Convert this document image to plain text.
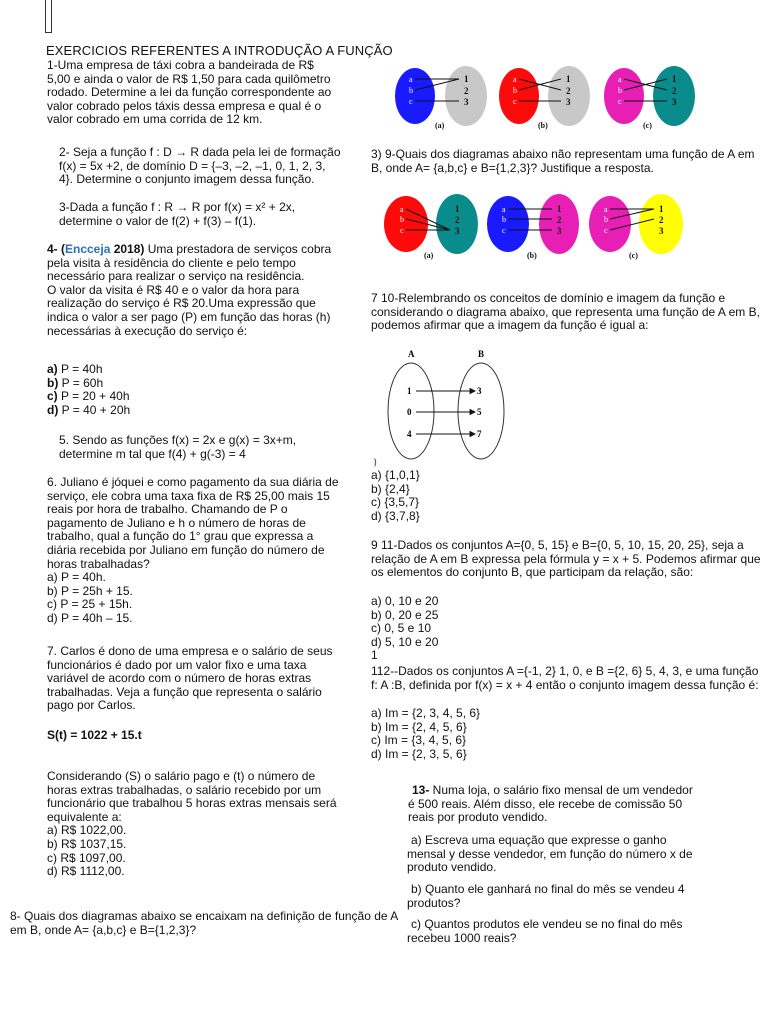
EXERCICIOS REFERENTES A INTRODUÇÃO A FUNÇÃO
1-Uma empresa de táxi cobra a bandeirada de R$
5,00 e ainda o valor de R$ 1,50 para cada quilômetro
rodado. Determine a lei da função correspondente ao
valor cobrado pelos táxis dessa empresa e qual é o
valor cobrado em uma corrida de 12 km.
2- Seja a função f : D → R dada pela lei de formação
f(x) = 5x +2, de domínio D = {–3, –2, –1, 0, 1, 2, 3,
4}. Determine o conjunto imagem dessa função.
3-Dada a função f : R → R por f(x) = x² + 2x,
determine o valor de f(2) + f(3) – f(1).
4- (Encceja 2018) Uma prestadora de serviços cobra
pela visita à residência do cliente e pelo tempo
necessário para realizar o serviço na residência.
O valor da visita é R$ 40 e o valor da hora para
realização do serviço é R$ 20.Uma expressão que
indica o valor a ser pago (P) em função das horas (h)
necessárias à execução do serviço é:
a) P = 40h
b) P = 60h
c) P = 20 + 40h
d) P = 40 + 20h
5. Sendo as funções f(x) = 2x e g(x) = 3x+m,
determine m tal que f(4) + g(-3) = 4
6. Juliano é jóquei e como pagamento da sua diária de
serviço, ele cobra uma taxa fixa de R$ 25,00 mais 15
reais por hora de trabalho. Chamando de P o
pagamento de Juliano e h o número de horas de
trabalho, qual a função do 1° grau que expressa a
diária recebida por Juliano em função do número de
horas trabalhadas?
a) P = 40h.
b) P = 25h + 15.
c) P = 25 + 15h.
d) P = 40h – 15.
7. Carlos é dono de uma empresa e o salário de seus
funcionários é dado por um valor fixo e uma taxa
variável de acordo com o número de horas extras
trabalhadas. Veja a função que representa o salário
pago por Carlos.
S(t) = 1022 + 15.t
Considerando (S) o salário pago e (t) o número de
horas extras trabalhadas, o salário recebido por um
funcionário que trabalhou 5 horas extras mensais será
equivalente a:
a) R$ 1022,00.
b) R$ 1037,15.
c) R$ 1097,00.
d) R$ 1112,00.
8- Quais dos diagramas abaixo se encaixam na definição de função de A
em B, onde A= {a,b,c} e B={1,2,3}?
a
b
c
a
b
c
a
b
c
1
2
3
1
2
3
1
2
3
(a)	(b)	(c)
3) 9-Quais dos diagramas abaixo não representam uma função de A em
B, onde A= {a,b,c} e B={1,2,3}? Justifique a resposta.
a
b
c
a
b
c
a
b
c
1
2
3
1
2
3
1
2
3
(a)	(b)	(c)
7 10-Relembrando os conceitos de domínio e imagem da função e
considerando o diagrama abaixo, que representa uma função de A em B,
podemos afirmar que a imagem da função é igual a:
A	B
1
0
4
3
5
7
}
a) {1,0,1}
b) {2,4}
c) {3,5,7}
d) {3,7,8}
9 11-Dados os conjuntos A={0, 5, 15} e B={0, 5, 10, 15, 20, 25}, seja a
relação de A em B expressa pela fórmula y = x + 5. Podemos afirmar que
os elementos do conjunto B, que participam da relação, são:
a) 0, 10 e 20
b) 0, 20 e 25
c) 0, 5 e 10
d) 5, 10 e 20
1
112--Dados os conjuntos A ={-1, 2} 1, 0, e B ={2, 6} 5, 4, 3, e uma função
f: A :B, definida por f(x) = x + 4 então o conjunto imagem dessa função é:
a) Im = {2, 3, 4, 5, 6}
b) Im = {2, 4, 5, 6}
c) Im = {3, 4, 5, 6}
d) Im = {2, 3, 5, 6}
13- Numa loja, o salário fixo mensal de um vendedor
é 500 reais. Além disso, ele recebe de comissão 50
reais por produto vendido.
a) Escreva uma equação que expresse o ganho
mensal y desse vendedor, em função do número x de
produto vendido.
b) Quanto ele ganhará no final do mês se vendeu 4
produtos?
c) Quantos produtos ele vendeu se no final do mês
recebeu 1000 reais?
